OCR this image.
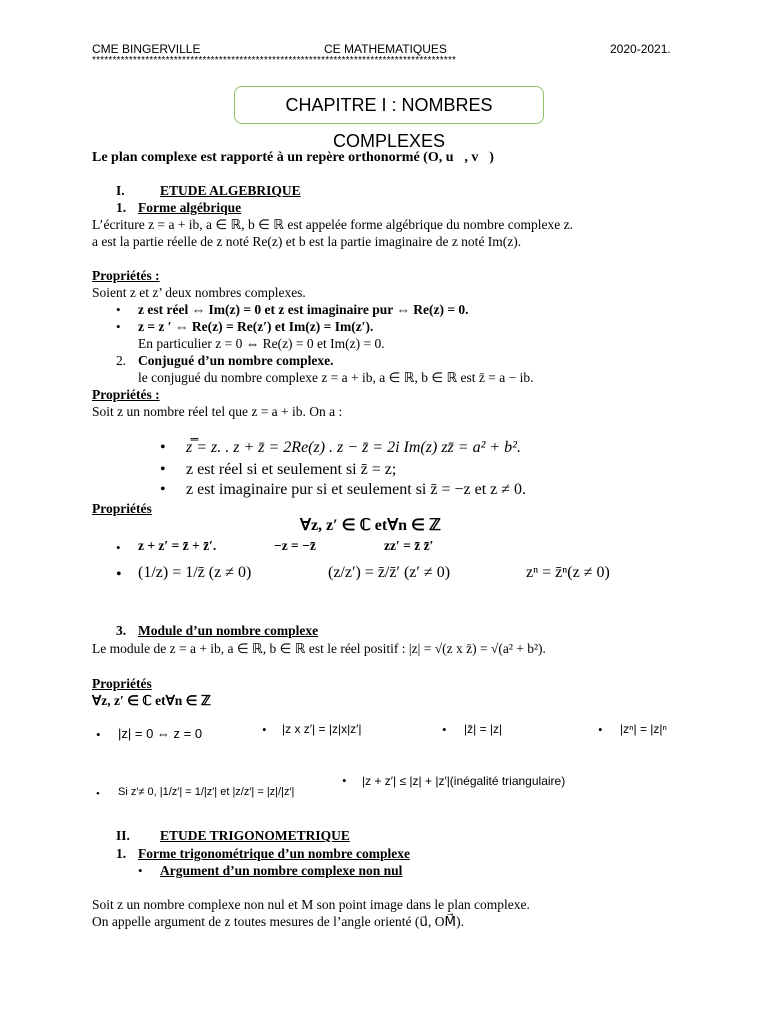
CME BINGERVILLE	CE MATHEMATIQUES	2020-2021.
*****************************************************************************************
CHAPITRE I : NOMBRES COMPLEXES
Le plan complexe est rapporté à un repère orthonormé (O, u⃗, v⃗)
I.	ETUDE ALGEBRIQUE
1. Forme algébrique
L’écriture z = a + ib, a ∈ ℝ, b ∈ ℝ est appelée forme algébrique du nombre complexe z.
a est la partie réelle de z noté Re(z) et b est la partie imaginaire de z noté Im(z).
Propriétés :
Soient z et z’ deux nombres complexes.
• z est réel ⇔ Im(z) = 0 et z est imaginaire pur ⇔ Re(z) = 0.
• z = z ′ ⇔ Re(z) = Re(z′) et Im(z) = Im(z′).
En particulier z = 0 ⇔ Re(z) = 0 et Im(z) = 0.
2. Conjugué d’un nombre complexe.
le conjugué du nombre complexe z = a + ib, a ∈ ℝ, b ∈ ℝ est z̄ = a − ib.
Propriétés :
Soit z un nombre réel tel que z = a + ib. On a :
• z̿ = z. . z + z̄ = 2Re(z) . z − z̄ = 2i Im(z) zz̄ = a² + b².
• z est réel si et seulement si z̄ = z;
• z est imaginaire pur si et seulement si z̄ = −z et z ≠ 0.
Propriétés
∀z, z′ ∈ ℂ et∀n ∈ ℤ
• z + z′ = z̄ + z̄′.	−z = −z̄	zz′ = z̄ z̄′
• (1/z) = 1/z̄ (z ≠ 0)	(z/z′) = z̄/z̄′ (z′ ≠ 0)	zⁿ = z̄ⁿ(z ≠ 0)
3. Module d’un nombre complexe
Le module de z = a + ib, a ∈ ℝ, b ∈ ℝ est le réel positif : |z| = √(z x z̄) = √(a² + b²).
Propriétés
∀z, z′ ∈ ℂ et∀n ∈ ℤ
• |z| = 0 ⇔ z = 0	• |z x z′| = |z|x|z′|	• |z̄| = |z|	• |zⁿ| = |z|ⁿ
• Si z′≠ 0, |1/z′| = 1/|z′| et |z/z′| = |z|/|z′|
• |z + z′| ≤ |z| + |z′|(inégalité triangulaire)
II. ETUDE TRIGONOMETRIQUE
1. Forme trigonométrique d’un nombre complexe
• Argument d’un nombre complexe non nul
Soit z un nombre complexe non nul et M son point image dans le plan complexe.
On appelle argument de z toutes mesures de l’angle orienté (u⃗, OM⃗).
